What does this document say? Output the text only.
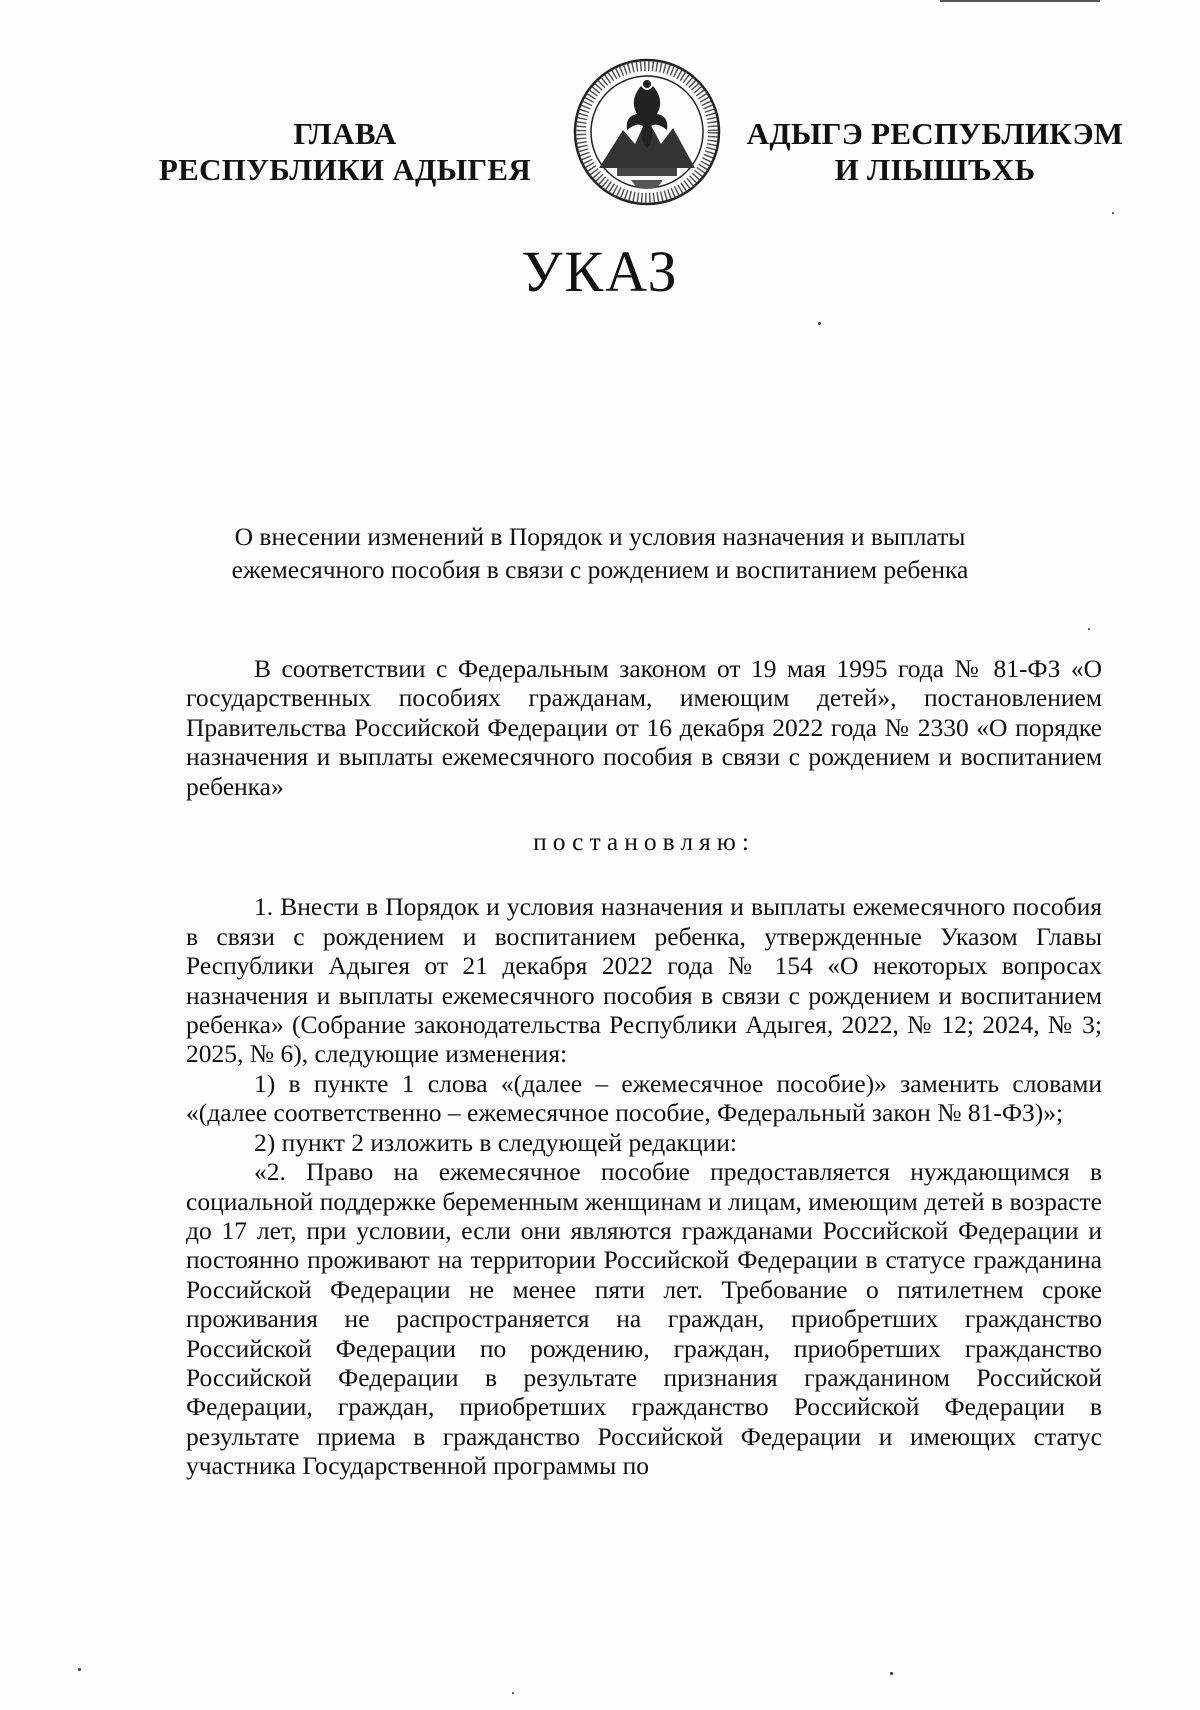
ГЛАВА
РЕСПУБЛИКИ АДЫГЕЯ
АДЫГЭ РЕСПУБЛИКЭМ
И ЛІЫШЪХЬ
УКАЗ
О внесении изменений в Порядок и условия назначения и выплаты
ежемесячного пособия в связи с рождением и воспитанием ребенка

В соответствии с Федеральным законом от 19 мая 1995 года № 81-ФЗ «О государственных пособиях гражданам, имеющим детей», постановлением Правительства Российской Федерации от 16 декабря 2022 года № 2330 «О порядке назначения и выплаты ежемесячного пособия в связи с рождением и воспитанием ребенка»

постановляю:

1. Внести в Порядок и условия назначения и выплаты ежемесячного пособия в связи с рождением и воспитанием ребенка, утвержденные Указом Главы Республики Адыгея от 21 декабря 2022 года № 154 «О некоторых вопросах назначения и выплаты ежемесячного пособия в связи с рождением и воспитанием ребенка» (Собрание законодательства Республики Адыгея, 2022, № 12; 2024, № 3; 2025, № 6), следующие изменения:

1) в пункте 1 слова «(далее – ежемесячное пособие)» заменить словами «(далее соответственно – ежемесячное пособие, Федеральный закон № 81-ФЗ)»;

2) пункт 2 изложить в следующей редакции:

«2. Право на ежемесячное пособие предоставляется нуждающимся в социальной поддержке беременным женщинам и лицам, имеющим детей в возрасте до 17 лет, при условии, если они являются гражданами Российской Федерации и постоянно проживают на территории Российской Федерации в статусе гражданина Российской Федерации не менее пяти лет. Требование о пятилетнем сроке проживания не распространяется на граждан, приобретших гражданство Российской Федерации по рождению, граждан, приобретших гражданство Российской Федерации в результате признания гражданином Российской Федерации, граждан, приобретших гражданство Российской Федерации в результате приема в гражданство Российской Федерации и имеющих статус участника Государственной программы по
